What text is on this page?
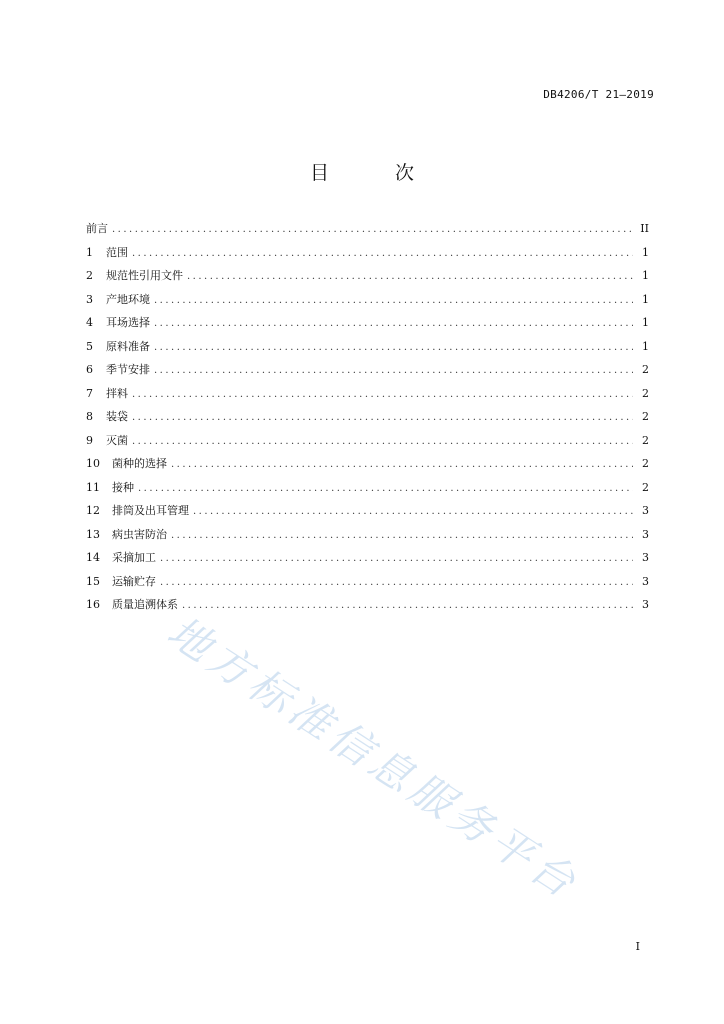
DB4206/T 21—2019
目 次
前言 .....	II
1	范围 .....	1
2	规范性引用文件 .....	1
3	产地环境 .....	1
4	耳场选择 .....	1
5	原料准备 .....	1
6	季节安排 .....	2
7	拌料 .....	2
8	装袋 .....	2
9	灭菌 .....	2
10	菌种的选择 .....	2
11	接种 .....	2
12	排筒及出耳管理 .....	3
13	病虫害防治 .....	3
14	采摘加工 .....	3
15	运输贮存 .....	3
16	质量追溯体系 .....	3
地方标准信息服务平台
I
